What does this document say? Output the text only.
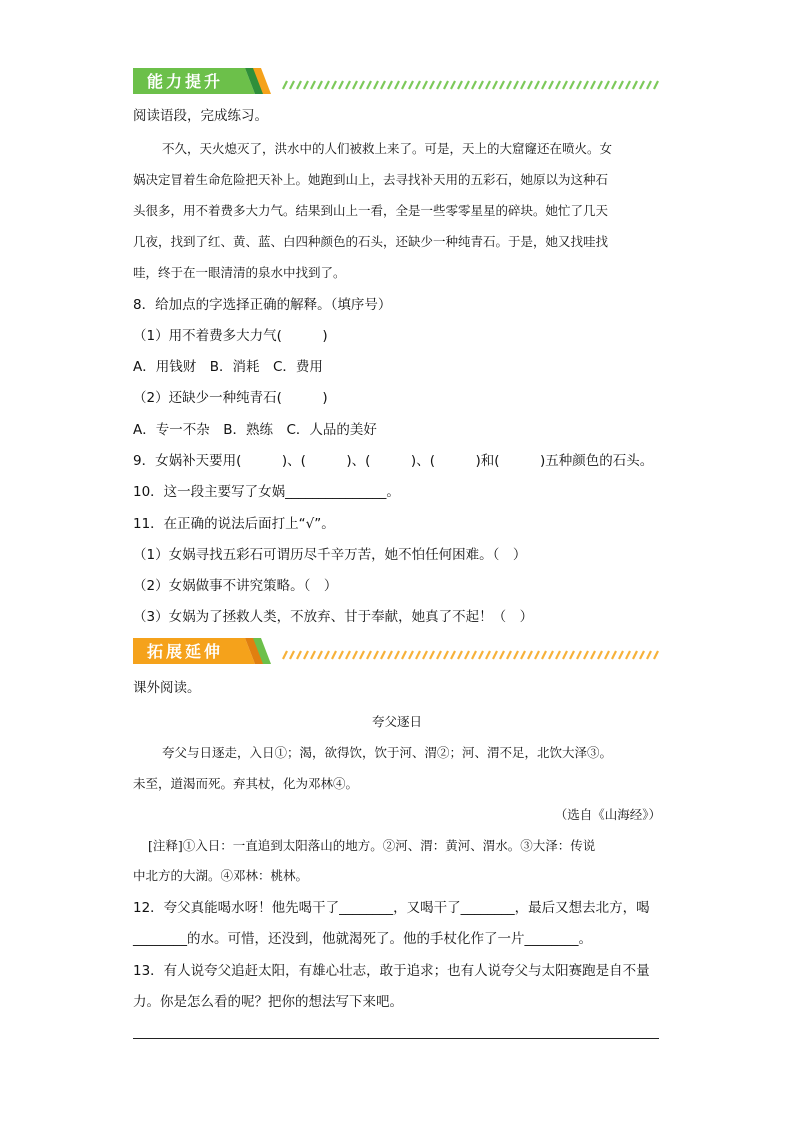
能力提升
阅读语段，完成练习。
不久，天火熄灭了，洪水中的人们被救上来了。可是，天上的大窟窿还在喷火。女
娲决定冒着生命危险把天补上。她跑到山上，去寻找补天用的五彩石，她原以为这种石
头很多，用不着费多大力气。结果到山上一看，全是一些零零星星的碎块。她忙了几天
几夜，找到了红、黄、蓝、白四种颜色的石头，还缺少一种纯青石。于是，她又找哇找
哇，终于在一眼清清的泉水中找到了。
8．给加点的字选择正确的解释。（填序号）
（1）用不着费多大力气(　　　)
A．用钱财　B．消耗　C．费用
（2）还缺少一种纯青石(　　　)
A．专一不杂　B．熟练　C．人品的美好
9．女娲补天要用(　　　)、(　　　)、(　　　)、(　　　)和(　　　)五种颜色的石头。
10．这一段主要写了女娲_______________。
11．在正确的说法后面打上“√”。
（1）女娲寻找五彩石可谓历尽千辛万苦，她不怕任何困难。（　）
（2）女娲做事不讲究策略。（　）
（3）女娲为了拯救人类，不放弃、甘于奉献，她真了不起！（　）
拓展延伸
课外阅读。
夸父逐日
夸父与日逐走，入日①；渴，欲得饮，饮于河、渭②；河、渭不足，北饮大泽③。
未至，道渴而死。弃其杖，化为邓林④。
（选自《山海经》）
[注释]①入日：一直追到太阳落山的地方。②河、渭：黄河、渭水。③大泽：传说
中北方的大湖。④邓林：桃林。
12．夸父真能喝水呀！他先喝干了________，又喝干了________，最后又想去北方，喝
________的水。可惜，还没到，他就渴死了。他的手杖化作了一片________。
13．有人说夸父追赶太阳，有雄心壮志，敢于追求；也有人说夸父与太阳赛跑是自不量
力。你是怎么看的呢？把你的想法写下来吧。
